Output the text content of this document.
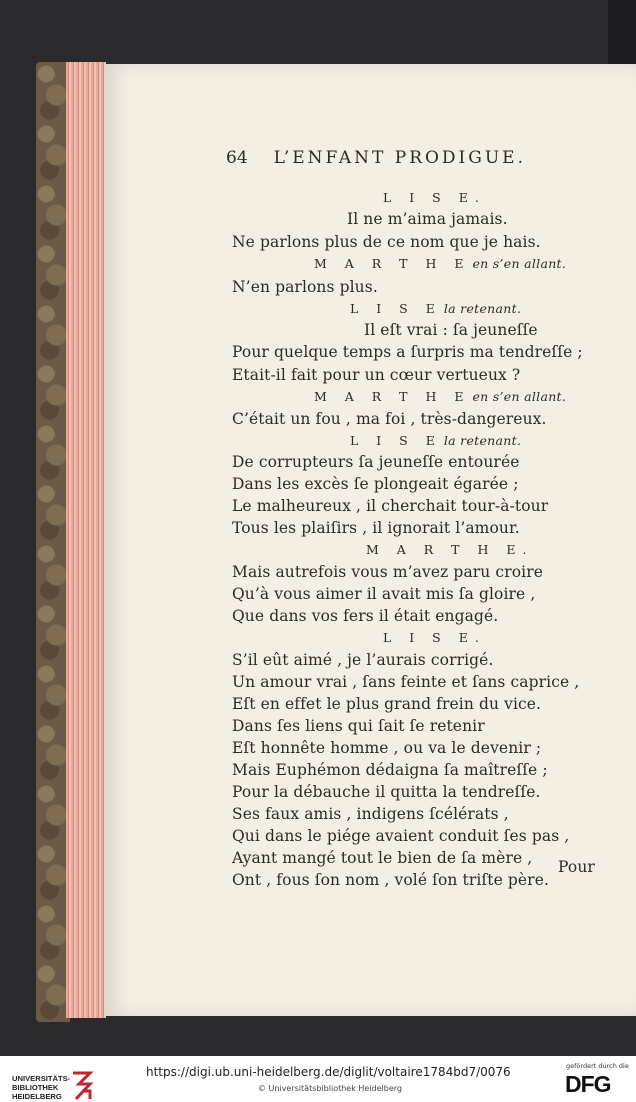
64 L’ENFANT PRODIGUE.
L I S E.
Il ne m’aima jamais.
Ne parlons plus de ce nom que je hais.
M A R T H E en s’en allant.
N’en parlons plus.
L I S E la retenant.
Il eſt vrai : ſa jeuneſſe
Pour quelque temps a ſurpris ma tendreſſe ;
Etait-il fait pour un cœur vertueux ?
M A R T H E en s’en allant.
C’était un fou , ma foi , très-dangereux.
L I S E la retenant.
De corrupteurs ſa jeuneſſe entourée
Dans les excès ſe plongeait égarée ;
Le malheureux , il cherchait tour-à-tour
Tous les plaiſirs , il ignorait l’amour.
M A R T H E.
Mais autrefois vous m’avez paru croire
Qu’à vous aimer il avait mis ſa gloire ,
Que dans vos fers il était engagé.
L I S E.
S’il eût aimé , je l’aurais corrigé.
Un amour vrai , ſans feinte et ſans caprice ,
Eſt en effet le plus grand frein du vice.
Dans ſes liens qui ſait ſe retenir
Eſt honnête homme , ou va le devenir ;
Mais Euphémon dédaigna ſa maîtreſſe ;
Pour la débauche il quitta la tendreſſe.
Ses faux amis , indigens ſcélérats ,
Qui dans le piége avaient conduit ſes pas ,
Ayant mangé tout le bien de ſa mère ,
Ont , fous ſon nom , volé ſon triſte père.
Pour
UNIVERSITÄTS-
BIBLIOTHEK
HEIDELBERG
https://digi.ub.uni-heidelberg.de/diglit/voltaire1784bd7/0076
© Universitätsbibliothek Heidelberg
gefördert durch die
DFG
